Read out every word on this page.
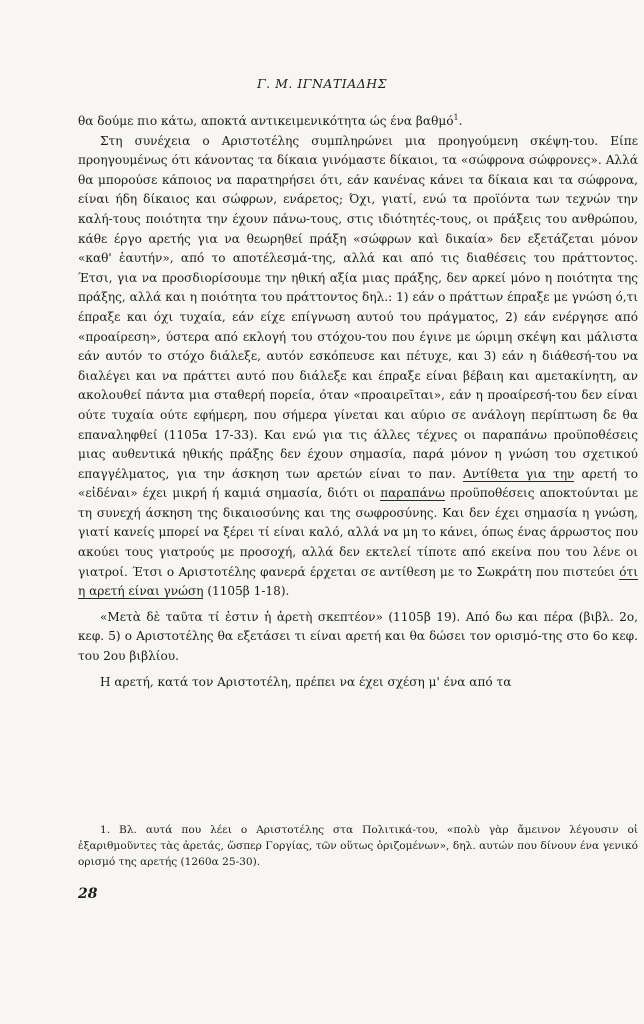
Γ. Μ. ΙΓΝΑΤΙΑΔΗΣ

θα δούμε πιο κάτω, αποκτά αντικειμενικότητα ώς ένα βαθμό$^1$.

Στη συνέχεια ο Αριστοτέλης συμπληρώνει μια προηγούμενη σκέψη-του. Είπε προηγουμένως ότι κάνοντας τα δίκαια γινόμαστε δίκαιοι, τα «σώφρονα σώφρονες». Αλλά θα μπορούσε κάποιος να παρατηρήσει ότι, εάν κανένας κάνει τα δίκαια και τα σώφρονα, είναι ήδη δίκαιος και σώφρων, ενάρετος; Όχι, γιατί, ενώ τα προϊόντα των τεχνών την καλή-τους ποιότητα την έχουν πάνω-τους, στις ιδιότητές-τους, οι πράξεις του ανθρώπου, κάθε έργο αρετής για να θεωρηθεί πράξη «σώφρων καὶ δικαία» δεν εξετάζεται μόνον «καθ' ἑαυτήν», από το αποτέλεσμά-της, αλλά και από τις διαθέσεις του πράττοντος. Έτσι, για να προσδιορίσουμε την ηθική αξία μιας πράξης, δεν αρκεί μόνο η ποιότητα της πράξης, αλλά και η ποιότητα του πράττοντος δηλ.: 1) εάν ο πράττων έπραξε με γνώση ό,τι έπραξε και όχι τυχαία, εάν είχε επίγνωση αυτού του πράγματος, 2) εάν ενέργησε από «προαίρεση», ύστερα από εκλογή του στόχου-του που έγινε με ώριμη σκέψη και μάλιστα εάν αυτόν το στόχο διάλεξε, αυτόν εσκόπευσε και πέτυχε, και 3) εάν η διάθεσή-του να διαλέγει και να πράττει αυτό που διάλεξε και έπραξε είναι βέβαιη και αμετακίνητη, αν ακολουθεί πάντα μια σταθερή πορεία, όταν «προαιρεῖται», εάν η προαίρεσή-του δεν είναι ούτε τυχαία ούτε εφήμερη, που σήμερα γίνεται και αύριο σε ανάλογη περίπτωση δε θα επαναληφθεί (1105α 17-33). Και ενώ για τις άλλες τέχνες οι παραπάνω προϋποθέσεις μιας αυθεντικά ηθικής πράξης δεν έχουν σημασία, παρά μόνον η γνώση του σχετικού επαγγέλματος, για την άσκηση των αρετών είναι το παν. Αντίθετα για την αρετή το «εἰδέναι» έχει μικρή ή καμιά σημασία, διότι οι παραπάνω προϋποθέσεις αποκτούνται με τη συνεχή άσκηση της δικαιοσύνης και της σωφροσύνης. Και δεν έχει σημασία η γνώση, γιατί κανείς μπορεί να ξέρει τί είναι καλό, αλλά να μη το κάνει, όπως ένας άρρωστος που ακούει τους γιατρούς με προσοχή, αλλά δεν εκτελεί τίποτε από εκείνα που του λένε οι γιατροί. Έτσι ο Αριστοτέλης φανερά έρχεται σε αντίθεση με το Σωκράτη που πιστεύει ότι η αρετή είναι γνώση (1105β 1-18).

«Μετὰ δὲ ταῦτα τί ἐστιν ἡ ἀρετὴ σκεπτέον» (1105β 19). Από δω και πέρα (βιβλ. 2ο, κεφ. 5) ο Αριστοτέλης θα εξετάσει τι είναι αρετή και θα δώσει τον ορισμό-της στο 6ο κεφ. του 2ου βιβλίου.

Η αρετή, κατά τον Αριστοτέλη, πρέπει να έχει σχέση μ' ένα από τα

1. Βλ. αυτά που λέει ο Αριστοτέλης στα Πολιτικά-του, «πολὺ γὰρ ἄμεινον λέγουσιν οἱ ἐξαριθμοῦντες τὰς ἀρετάς, ὥσπερ Γοργίας, τῶν οὕτως ὁριζομένων», δηλ. αυτών που δίνουν ένα γενικό ορισμό της αρετής (1260α 25-30).

28
